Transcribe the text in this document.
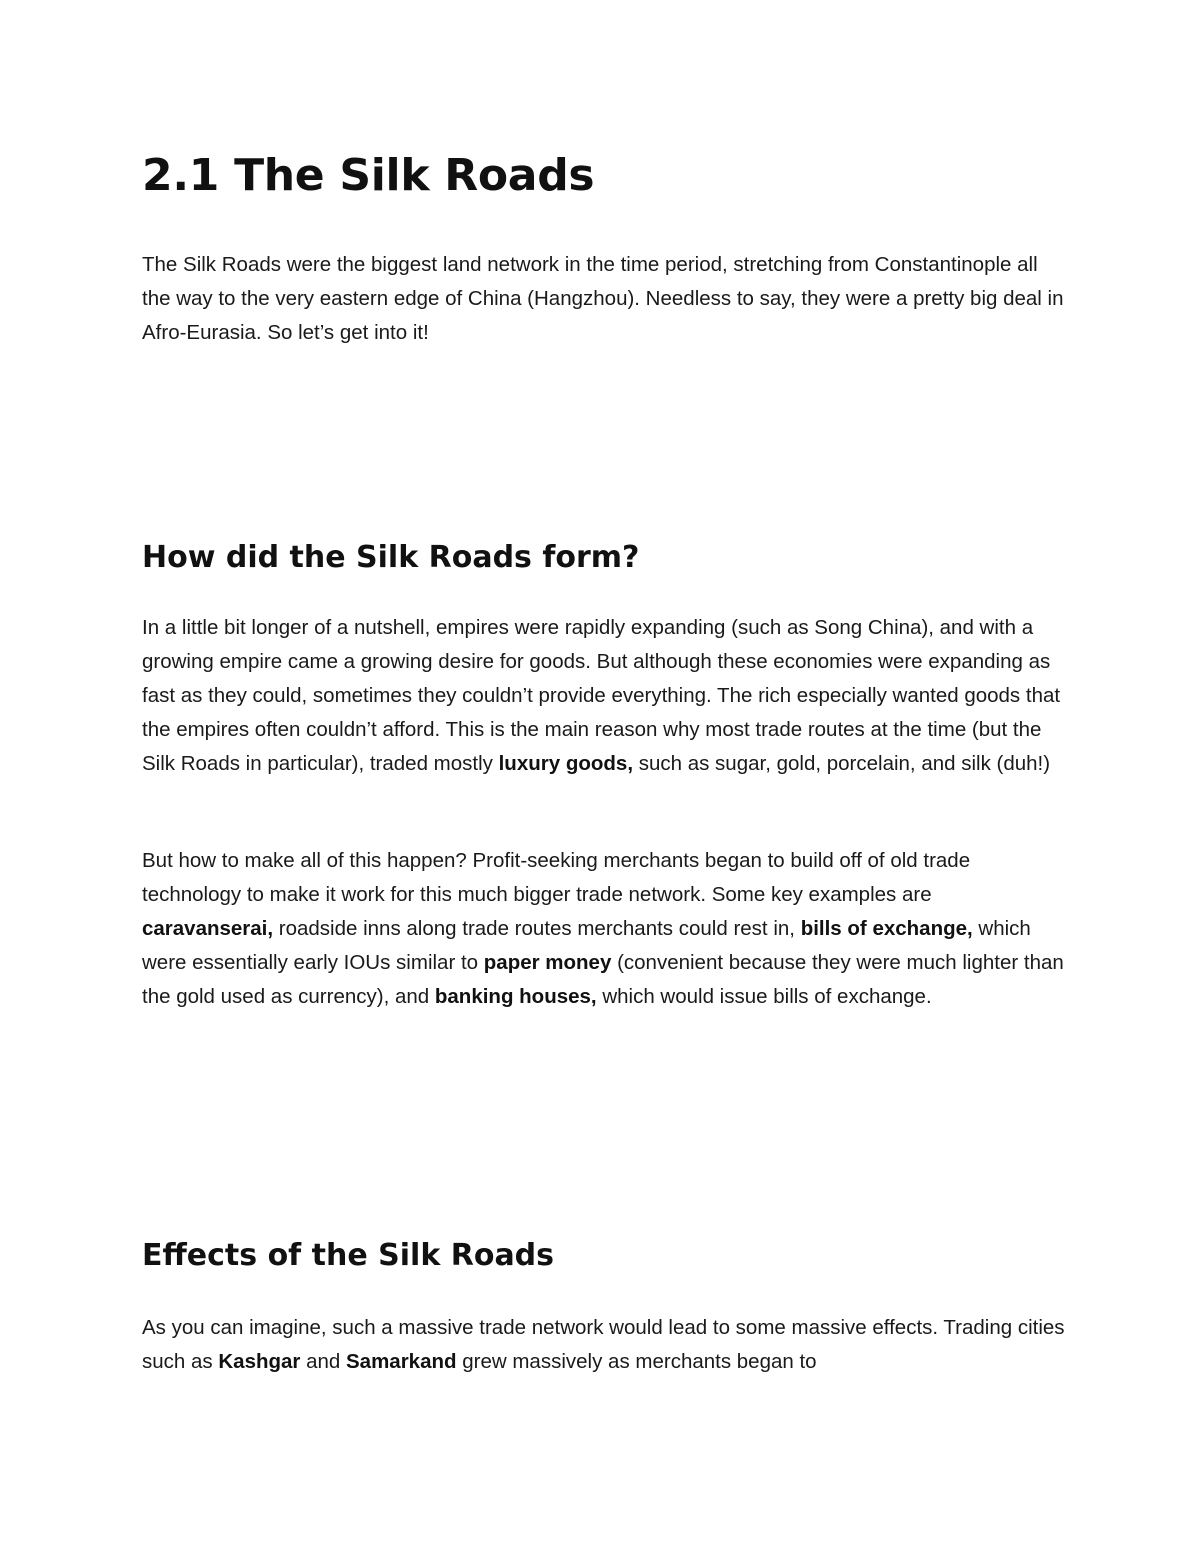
2.1 The Silk Roads

The Silk Roads were the biggest land network in the time period, stretching from Constantinople all the way to the very eastern edge of China (Hangzhou). Needless to say, they were a pretty big deal in Afro-Eurasia. So let’s get into it!

How did the Silk Roads form?

In a little bit longer of a nutshell, empires were rapidly expanding (such as Song China), and with a growing empire came a growing desire for goods. But although these economies were expanding as fast as they could, sometimes they couldn’t provide everything. The rich especially wanted goods that the empires often couldn’t afford. This is the main reason why most trade routes at the time (but the Silk Roads in particular), traded mostly luxury goods, such as sugar, gold, porcelain, and silk (duh!)

But how to make all of this happen? Profit-seeking merchants began to build off of old trade technology to make it work for this much bigger trade network. Some key examples are caravanserai, roadside inns along trade routes merchants could rest in, bills of exchange, which were essentially early IOUs similar to paper money (convenient because they were much lighter than the gold used as currency), and banking houses, which would issue bills of exchange.

Effects of the Silk Roads

As you can imagine, such a massive trade network would lead to some massive effects. Trading cities such as Kashgar and Samarkand grew massively as merchants began to
